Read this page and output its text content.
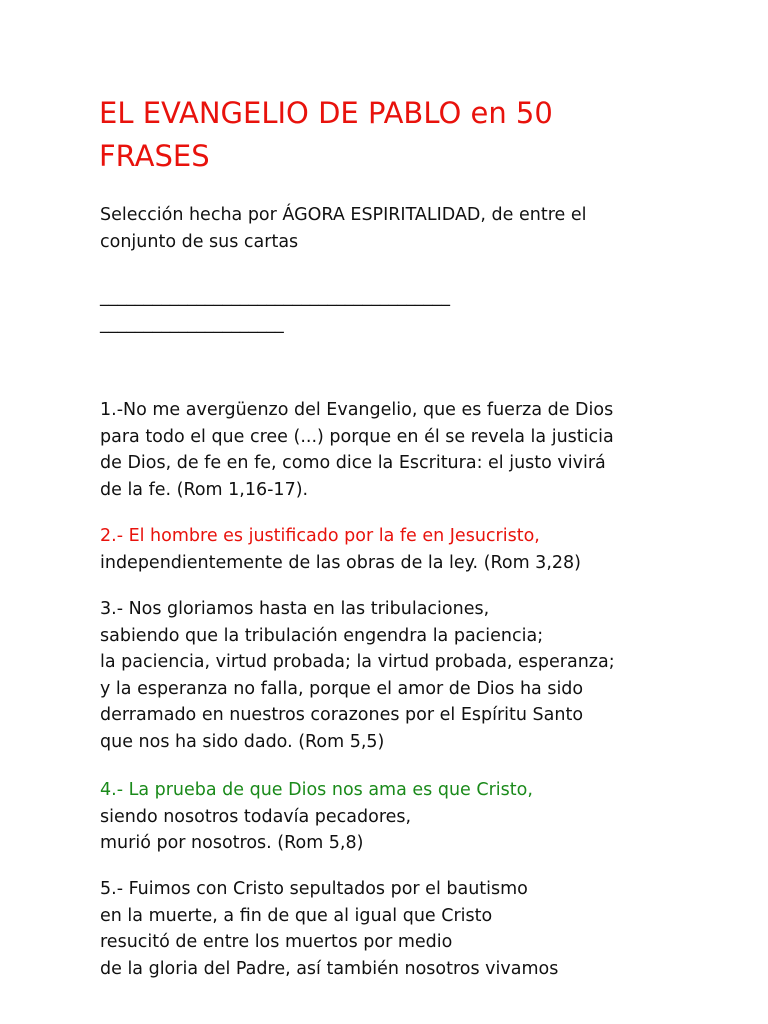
EL EVANGELIO DE PABLO en 50
FRASES
Selección hecha por ÁGORA ESPIRITALIDAD, de entre el
conjunto de sus cartas
________________________________________
_____________________
1.-No me avergüenzo del Evangelio, que es fuerza de Dios
para todo el que cree (...) porque en él se revela la justicia
de Dios, de fe en fe, como dice la Escritura: el justo vivirá
de la fe. (Rom 1,16-17).
2.- El hombre es justificado por la fe en Jesucristo,
independientemente de las obras de la ley. (Rom 3,28)
3.- Nos gloriamos hasta en las tribulaciones,
sabiendo que la tribulación engendra la paciencia;
la paciencia, virtud probada; la virtud probada, esperanza;
y la esperanza no falla, porque el amor de Dios ha sido
derramado en nuestros corazones por el Espíritu Santo
que nos ha sido dado. (Rom 5,5)
4.- La prueba de que Dios nos ama es que Cristo,
siendo nosotros todavía pecadores,
murió por nosotros. (Rom 5,8)
5.- Fuimos con Cristo sepultados por el bautismo
en la muerte, a fin de que al igual que Cristo
resucitó de entre los muertos por medio
de la gloria del Padre, así también nosotros vivamos
